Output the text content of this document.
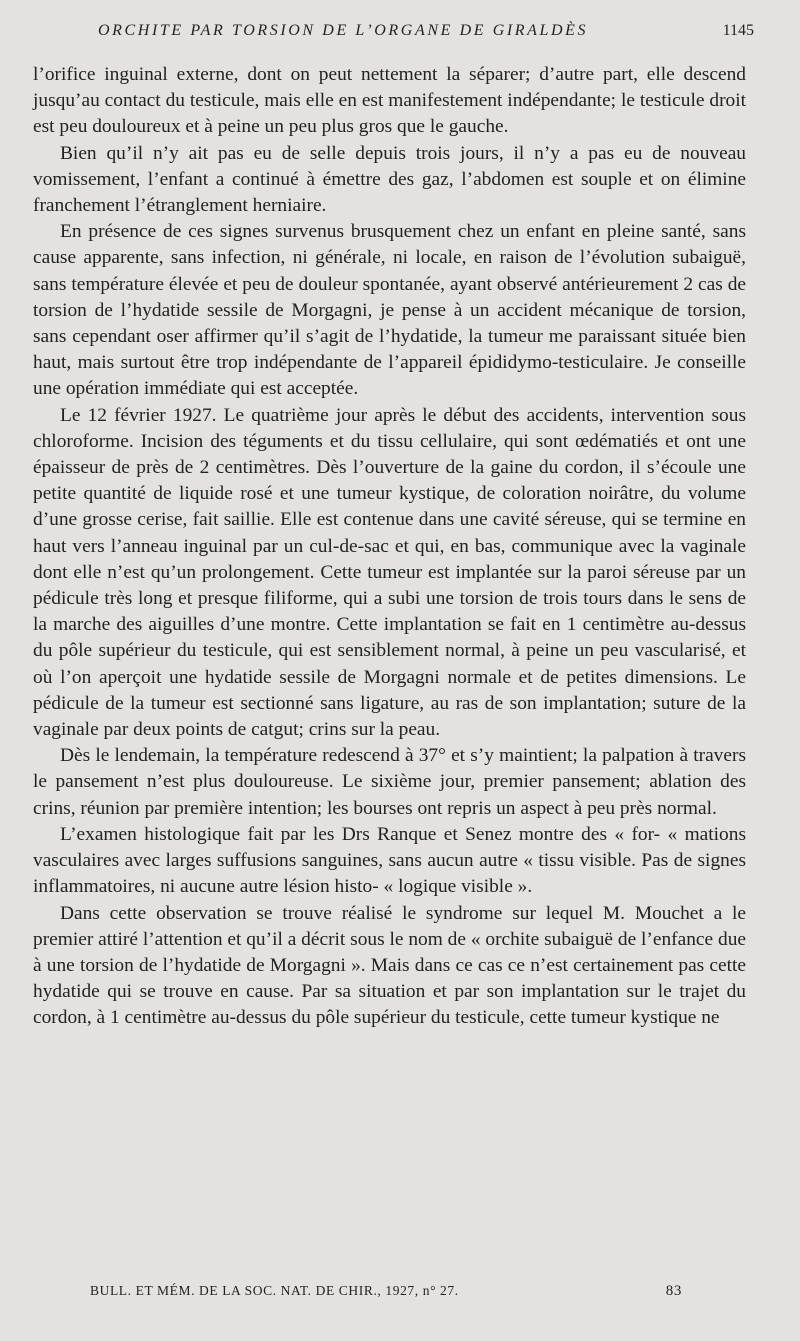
ORCHITE PAR TORSION DE L’ORGANE DE GIRALDÈS	1145

l’orifice inguinal externe, dont on peut nettement la séparer; d’autre part, elle descend jusqu’au contact du testicule, mais elle en est manifestement indépendante; le testicule droit est peu douloureux et à peine un peu plus gros que le gauche.

Bien qu’il n’y ait pas eu de selle depuis trois jours, il n’y a pas eu de nouveau vomissement, l’enfant a continué à émettre des gaz, l’abdomen est souple et on élimine franchement l’étranglement herniaire.

En présence de ces signes survenus brusquement chez un enfant en pleine santé, sans cause apparente, sans infection, ni générale, ni locale, en raison de l’évolution subaiguë, sans température élevée et peu de douleur spontanée, ayant observé antérieurement 2 cas de torsion de l’hydatide sessile de Morgagni, je pense à un accident mécanique de torsion, sans cependant oser affirmer qu’il s’agit de l’hydatide, la tumeur me paraissant située bien haut, mais surtout être trop indépendante de l’appareil épididymo-testiculaire. Je conseille une opération immédiate qui est acceptée.

Le 12 février 1927. Le quatrième jour après le début des accidents, intervention sous chloroforme. Incision des téguments et du tissu cellulaire, qui sont œdématiés et ont une épaisseur de près de 2 centimètres. Dès l’ouverture de la gaine du cordon, il s’écoule une petite quantité de liquide rosé et une tumeur kystique, de coloration noirâtre, du volume d’une grosse cerise, fait saillie. Elle est contenue dans une cavité séreuse, qui se termine en haut vers l’anneau inguinal par un cul-de-sac et qui, en bas, communique avec la vaginale dont elle n’est qu’un prolongement. Cette tumeur est implantée sur la paroi séreuse par un pédicule très long et presque filiforme, qui a subi une torsion de trois tours dans le sens de la marche des aiguilles d’une montre. Cette implantation se fait en 1 centimètre au-dessus du pôle supérieur du testicule, qui est sensiblement normal, à peine un peu vascularisé, et où l’on aperçoit une hydatide sessile de Morgagni normale et de petites dimensions. Le pédicule de la tumeur est sectionné sans ligature, au ras de son implantation; suture de la vaginale par deux points de catgut; crins sur la peau.

Dès le lendemain, la température redescend à 37° et s’y maintient; la palpation à travers le pansement n’est plus douloureuse. Le sixième jour, premier pansement; ablation des crins, réunion par première intention; les bourses ont repris un aspect à peu près normal.

L’examen histologique fait par les Drs Ranque et Senez montre des « for- « mations vasculaires avec larges suffusions sanguines, sans aucun autre « tissu visible. Pas de signes inflammatoires, ni aucune autre lésion histo- « logique visible ».

Dans cette observation se trouve réalisé le syndrome sur lequel M. Mouchet a le premier attiré l’attention et qu’il a décrit sous le nom de « orchite subaiguë de l’enfance due à une torsion de l’hydatide de Morgagni ». Mais dans ce cas ce n’est certainement pas cette hydatide qui se trouve en cause. Par sa situation et par son implantation sur le trajet du cordon, à 1 centimètre au-dessus du pôle supérieur du testicule, cette tumeur kystique ne

BULL. ET MÉM. DE LA SOC. NAT. DE CHIR., 1927, n° 27.	83
